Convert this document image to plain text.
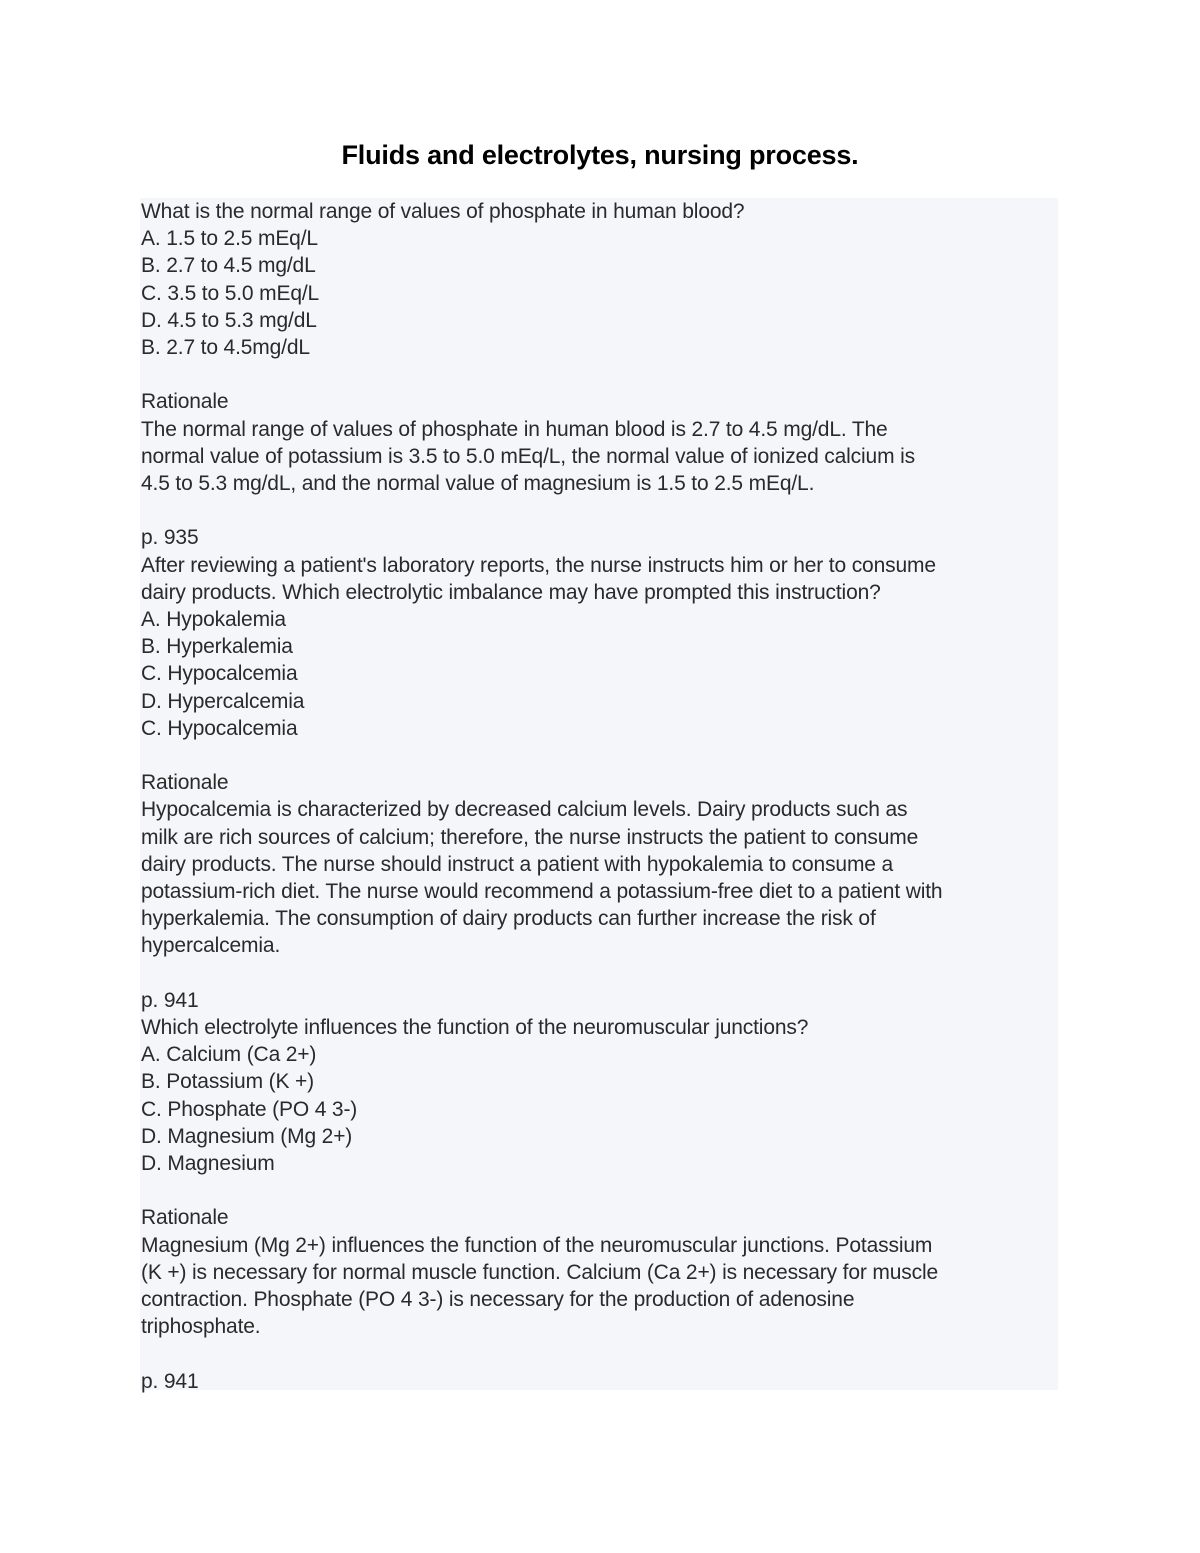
Fluids and electrolytes, nursing process.
What is the normal range of values of phosphate in human blood?
A. 1.5 to 2.5 mEq/L
B. 2.7 to 4.5 mg/dL
C. 3.5 to 5.0 mEq/L
D. 4.5 to 5.3 mg/dL
B. 2.7 to 4.5mg/dL
Rationale
The normal range of values of phosphate in human blood is 2.7 to 4.5 mg/dL. The
normal value of potassium is 3.5 to 5.0 mEq/L, the normal value of ionized calcium is
4.5 to 5.3 mg/dL, and the normal value of magnesium is 1.5 to 2.5 mEq/L.
p. 935
After reviewing a patient's laboratory reports, the nurse instructs him or her to consume
dairy products. Which electrolytic imbalance may have prompted this instruction?
A. Hypokalemia
B. Hyperkalemia
C. Hypocalcemia
D. Hypercalcemia
C. Hypocalcemia
Rationale
Hypocalcemia is characterized by decreased calcium levels. Dairy products such as
milk are rich sources of calcium; therefore, the nurse instructs the patient to consume
dairy products. The nurse should instruct a patient with hypokalemia to consume a
potassium-rich diet. The nurse would recommend a potassium-free diet to a patient with
hyperkalemia. The consumption of dairy products can further increase the risk of
hypercalcemia.
p. 941
Which electrolyte influences the function of the neuromuscular junctions?
A. Calcium (Ca 2+)
B. Potassium (K +)
C. Phosphate (PO 4 3-)
D. Magnesium (Mg 2+)
D. Magnesium
Rationale
Magnesium (Mg 2+) influences the function of the neuromuscular junctions. Potassium
(K +) is necessary for normal muscle function. Calcium (Ca 2+) is necessary for muscle
contraction. Phosphate (PO 4 3-) is necessary for the production of adenosine
triphosphate.
p. 941
